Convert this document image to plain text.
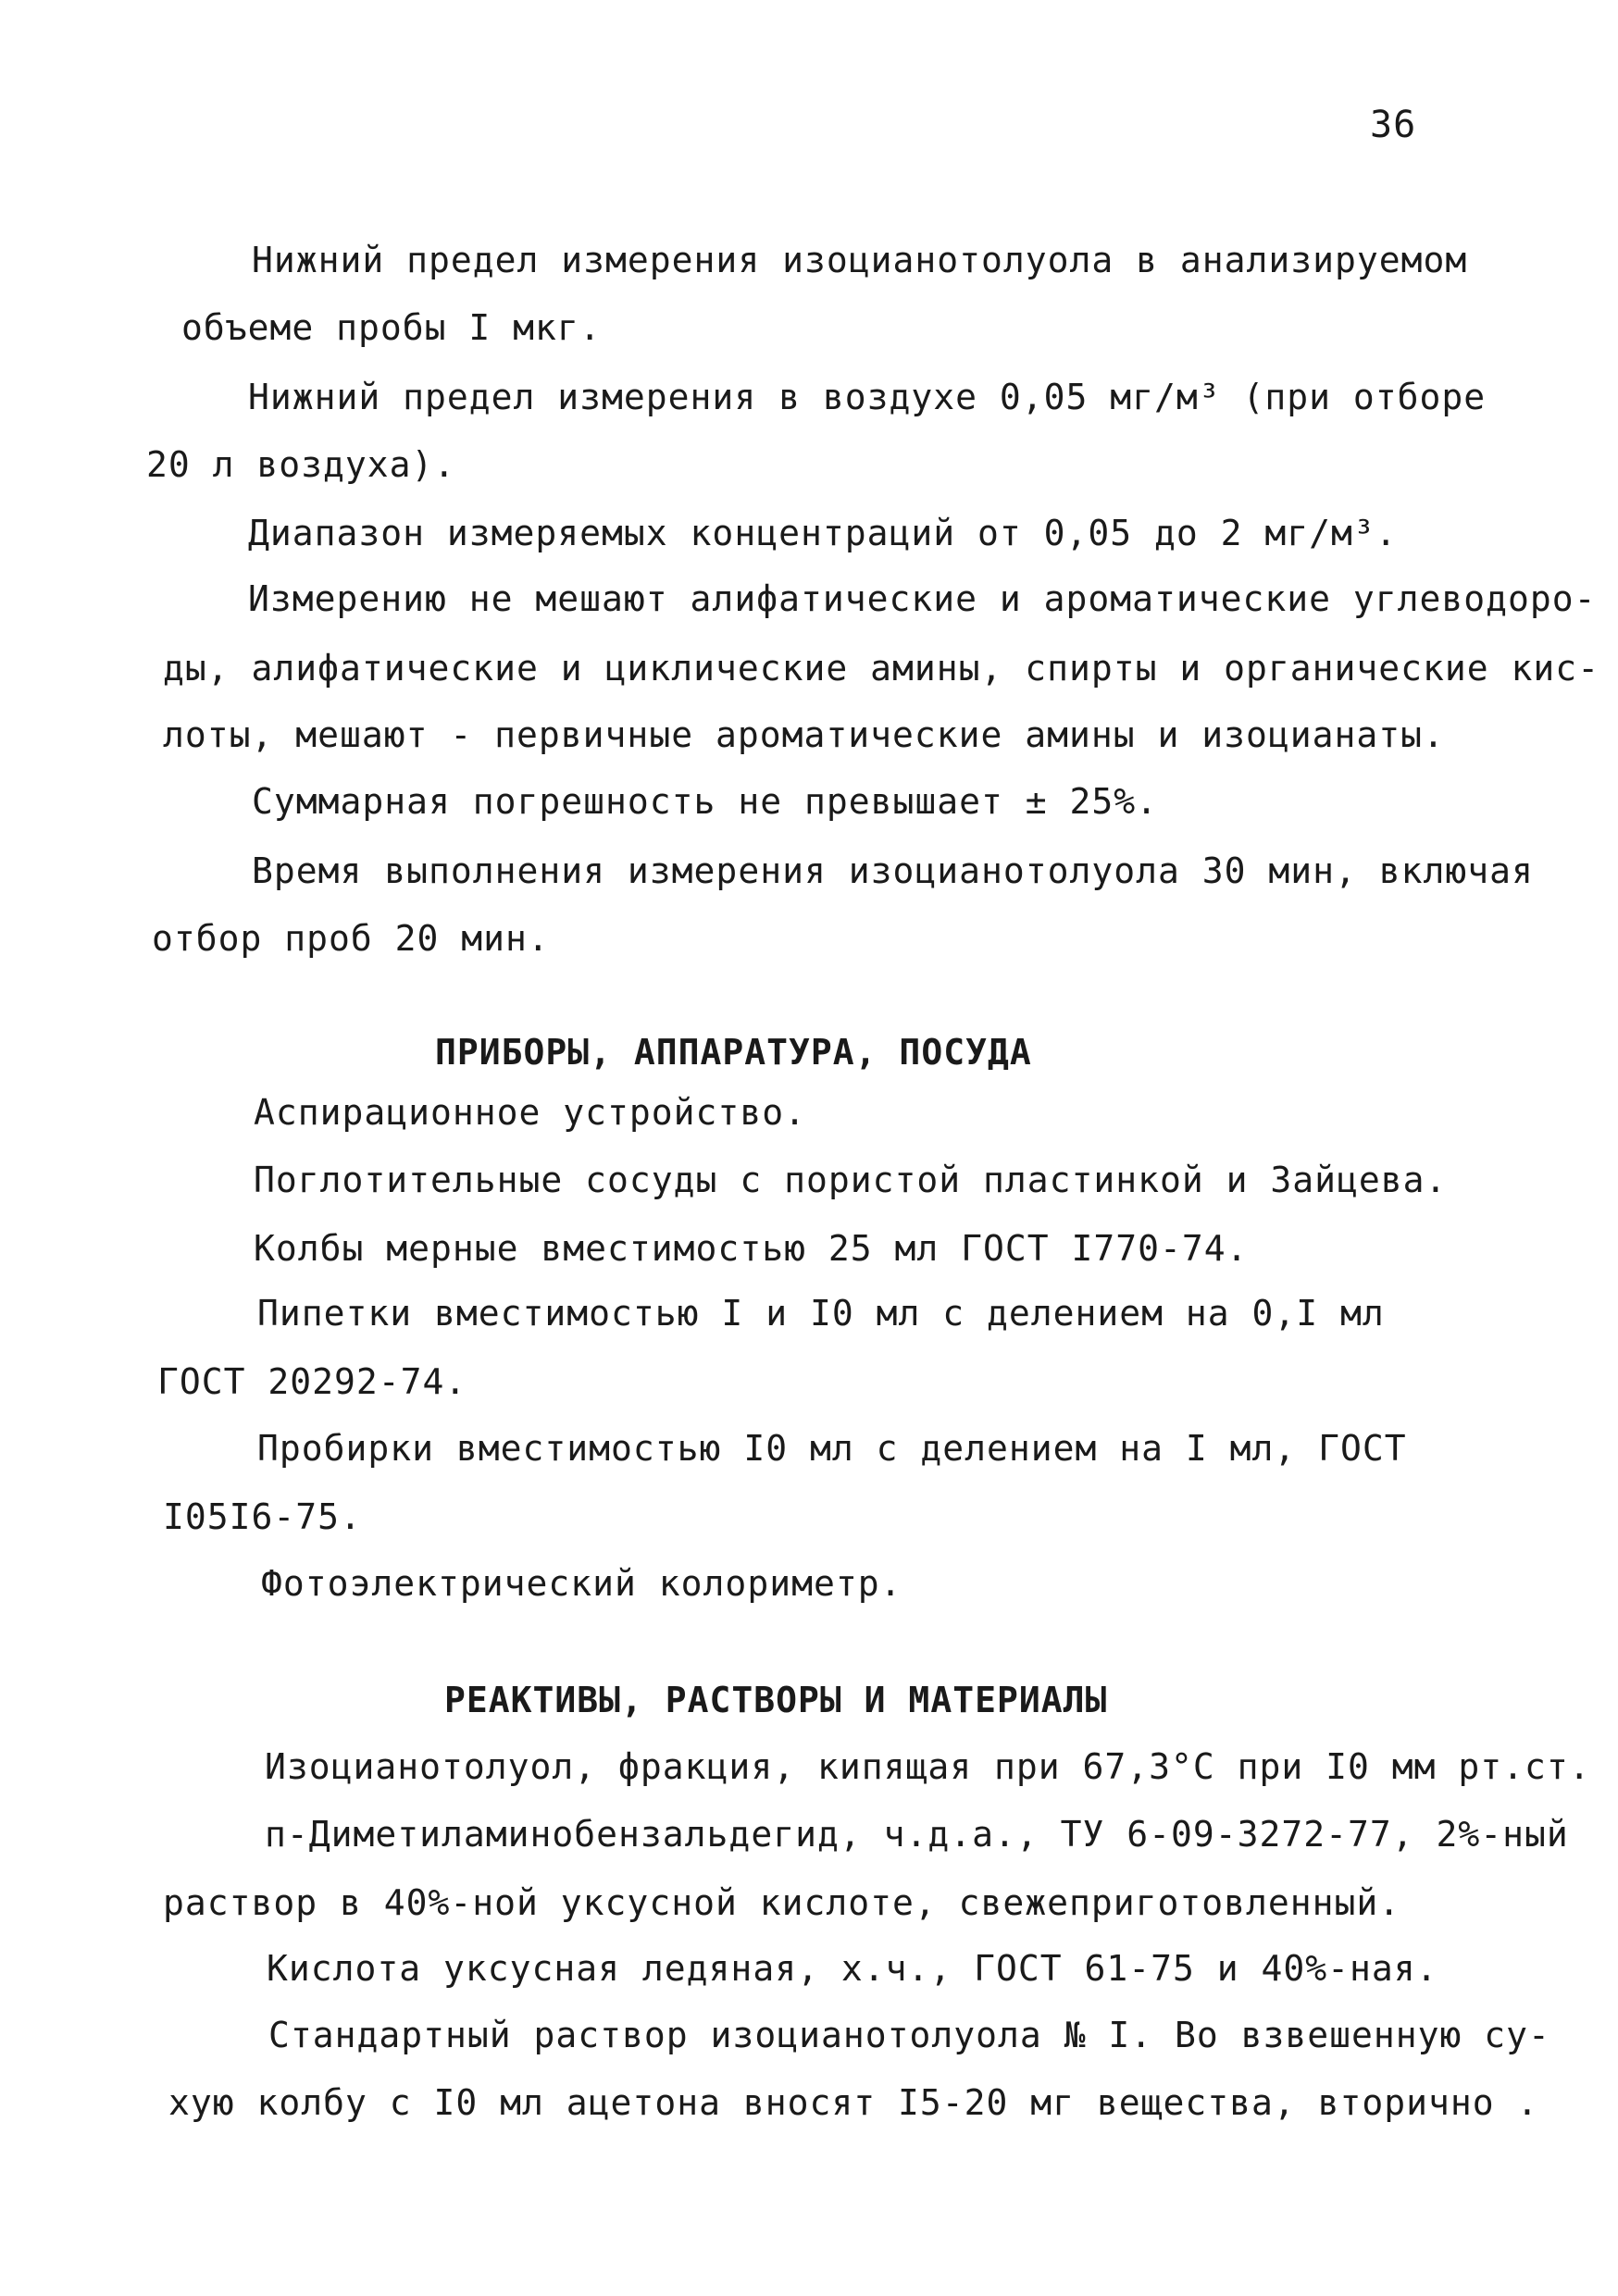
36
Нижний предел измерения изоцианотолуола в анализируемом
объеме пробы I мкг.
Нижний предел измерения в воздухе 0,05 мг/м³ (при отборе
20 л воздуха).
Диапазон измеряемых концентраций от 0,05 до 2 мг/м³.
Измерению не мешают алифатические и ароматические углеводоро-
ды, алифатические и циклические амины, спирты и органические кис-
лоты, мешают - первичные ароматические амины и изоцианаты.
Суммарная погрешность не превышает ± 25%.
Время выполнения измерения изоцианотолуола 30 мин, включая
отбор проб 20 мин.
ПРИБОРЫ, АППАРАТУРА, ПОСУДА
Аспирационное устройство.
Поглотительные сосуды с пористой пластинкой и Зайцева.
Колбы мерные вместимостью 25 мл ГОСТ I770-74.
Пипетки вместимостью I и I0 мл с делением на 0,I мл
ГОСТ 20292-74.
Пробирки вместимостью I0 мл с делением на I мл, ГОСТ
I05I6-75.
Фотоэлектрический колориметр.
РЕАКТИВЫ, РАСТВОРЫ И МАТЕРИАЛЫ
Изоцианотолуол, фракция, кипящая при 67,3°С при I0 мм рт.ст.
п-Диметиламинобензальдегид, ч.д.а., ТУ 6-09-3272-77, 2%-ный
раствор в 40%-ной уксусной кислоте, свежеприготовленный.
Кислота уксусная ледяная, х.ч., ГОСТ 61-75 и 40%-ная.
Стандартный раствор изоцианотолуола № I. Во взвешенную су-
хую колбу с I0 мл ацетона вносят I5-20 мг вещества, вторично .
